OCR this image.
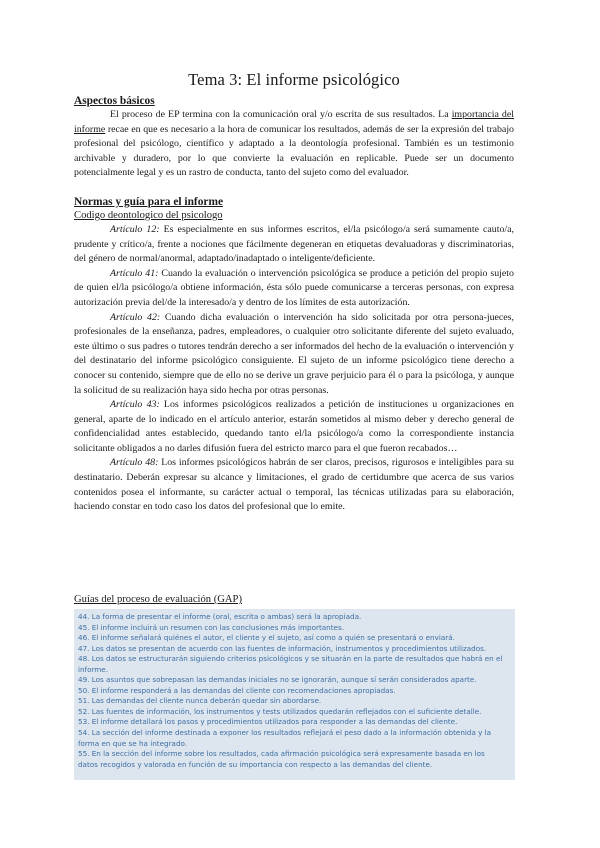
Tema 3: El informe psicológico
Aspectos básicos

El proceso de EP termina con la comunicación oral y/o escrita de sus resultados. La importancia del informe recae en que es necesario a la hora de comunicar los resultados, además de ser la expresión del trabajo profesional del psicólogo, científico y adaptado a la deontología profesional. También es un testimonio archivable y duradero, por lo que convierte la evaluación en replicable. Puede ser un documento potencialmente legal y es un rastro de conducta, tanto del sujeto como del evaluador.

Normas y guía para el informe
Codigo deontologico del psicologo

Artículo 12: Es especialmente en sus informes escritos, el/la psicólogo/a será sumamente cauto/a, prudente y crítico/a, frente a nociones que fácilmente degeneran en etiquetas devaluadoras y discriminatorias, del género de normal/anormal, adaptado/inadaptado o inteligente/deficiente.

Artículo 41: Cuando la evaluación o intervención psicológica se produce a petición del propio sujeto de quien el/la psicólogo/a obtiene información, ésta sólo puede comunicarse a terceras personas, con expresa autorización previa del/de la interesado/a y dentro de los límites de esta autorización.

Artículo 42: Cuando dicha evaluación o intervención ha sido solicitada por otra persona-jueces, profesionales de la enseñanza, padres, empleadores, o cualquier otro solicitante diferente del sujeto evaluado, este último o sus padres o tutores tendrán derecho a ser informados del hecho de la evaluación o intervención y del destinatario del informe psicológico consiguiente. El sujeto de un informe psicológico tiene derecho a conocer su contenido, siempre que de ello no se derive un grave perjuicio para él o para la psicóloga, y aunque la solicitud de su realización haya sido hecha por otras personas.

Artículo 43: Los informes psicológicos realizados a petición de instituciones u organizaciones en general, aparte de lo indicado en el artículo anterior, estarán sometidos al mismo deber y derecho general de confidencialidad antes establecido, quedando tanto el/la psicólogo/a como la correspondiente instancia solicitante obligados a no darles difusión fuera del estricto marco para el que fueron recabados…

Artículo 48: Los informes psicológicos habrán de ser claros, precisos, rigurosos e inteligibles para su destinatario. Deberán expresar su alcance y limitaciones, el grado de certidumbre que acerca de sus varios contenidos posea el informante, su carácter actual o temporal, las técnicas utilizadas para su elaboración, haciendo constar en todo caso los datos del profesional que lo emite.

Guías del proceso de evaluación (GAP)
44. La forma de presentar el informe (oral, escrita o ambas) será la apropiada.
45. El informe incluirá un resumen con las conclusiones más importantes.
46. El informe señalará quiénes el autor, el cliente y el sujeto, así como a quién se presentará o enviará.
47. Los datos se presentan de acuerdo con las fuentes de información, instrumentos y procedimientos utilizados.
48. Los datos se estructurarán siguiendo criterios psicológicos y se situarán en la parte de resultados que habrá en el
informe.
49. Los asuntos que sobrepasan las demandas iniciales no se ignorarán, aunque sí serán considerados aparte.
50. El informe responderá a las demandas del cliente con recomendaciones apropiadas.
51. Las demandas del cliente nunca deberán quedar sin abordarse.
52. Las fuentes de información, los instrumentos y tests utilizados quedarán reflejados con el suficiente detalle.
53. El informe detallará los pasos y procedimientos utilizados para responder a las demandas del cliente.
54. La sección del informe destinada a exponer los resultados reflejará el peso dado a la información obtenida y la
forma en que se ha integrado.
55. En la sección del informe sobre los resultados, cada afirmación psicológica será expresamente basada en los
datos recogidos y valorada en función de su importancia con respecto a las demandas del cliente.
